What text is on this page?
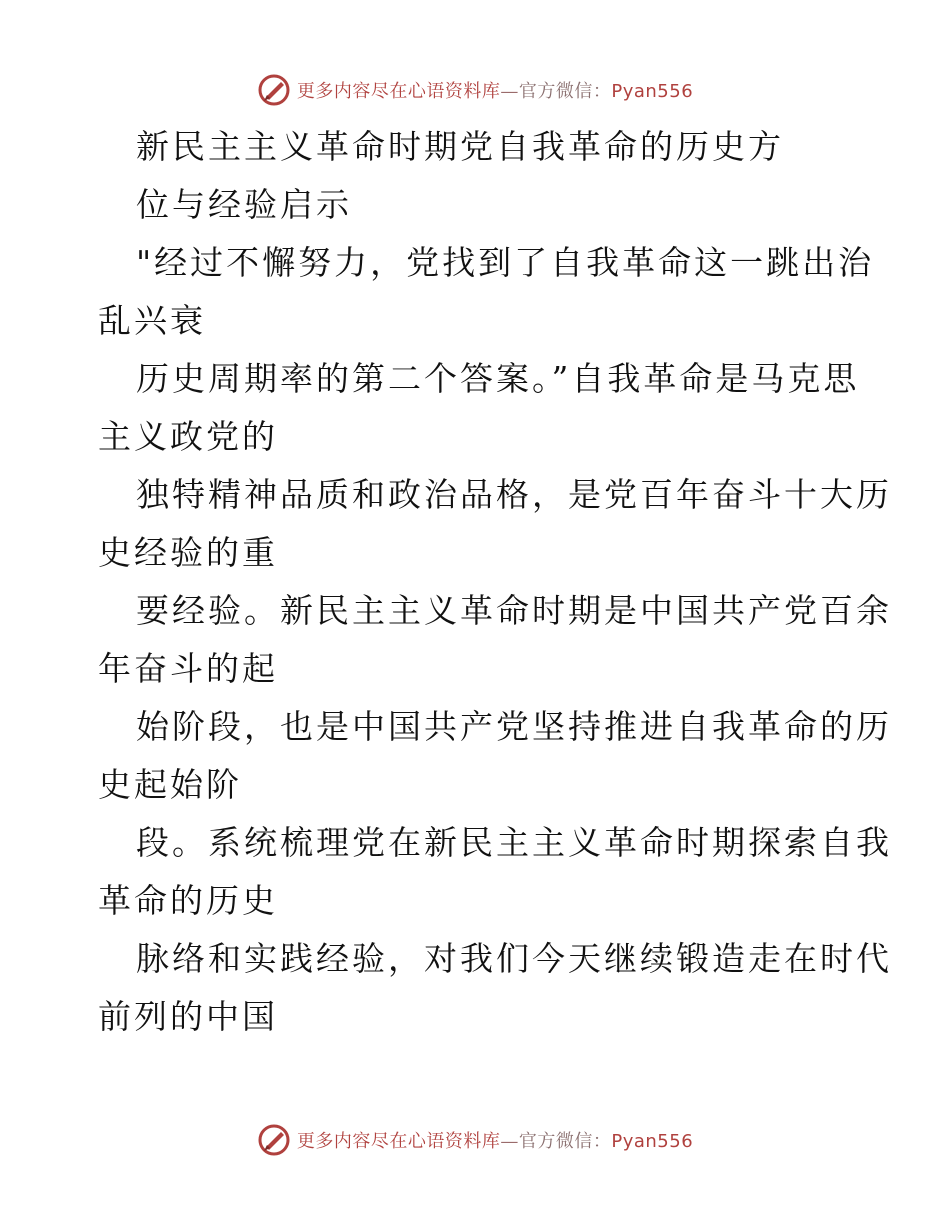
更多内容尽在心语资料库—官方微信：Pyan556
新民主主义革命时期党自我革命的历史方
位与经验启示
"经过不懈努力，党找到了自我革命这一跳出治
乱兴衰
历史周期率的第二个答案。”自我革命是马克思
主义政党的
独特精神品质和政治品格，是党百年奋斗十大历
史经验的重
要经验。新民主主义革命时期是中国共产党百余
年奋斗的起
始阶段，也是中国共产党坚持推进自我革命的历
史起始阶
段。系统梳理党在新民主主义革命时期探索自我
革命的历史
脉络和实践经验，对我们今天继续锻造走在时代
前列的中国
更多内容尽在心语资料库—官方微信：Pyan556
